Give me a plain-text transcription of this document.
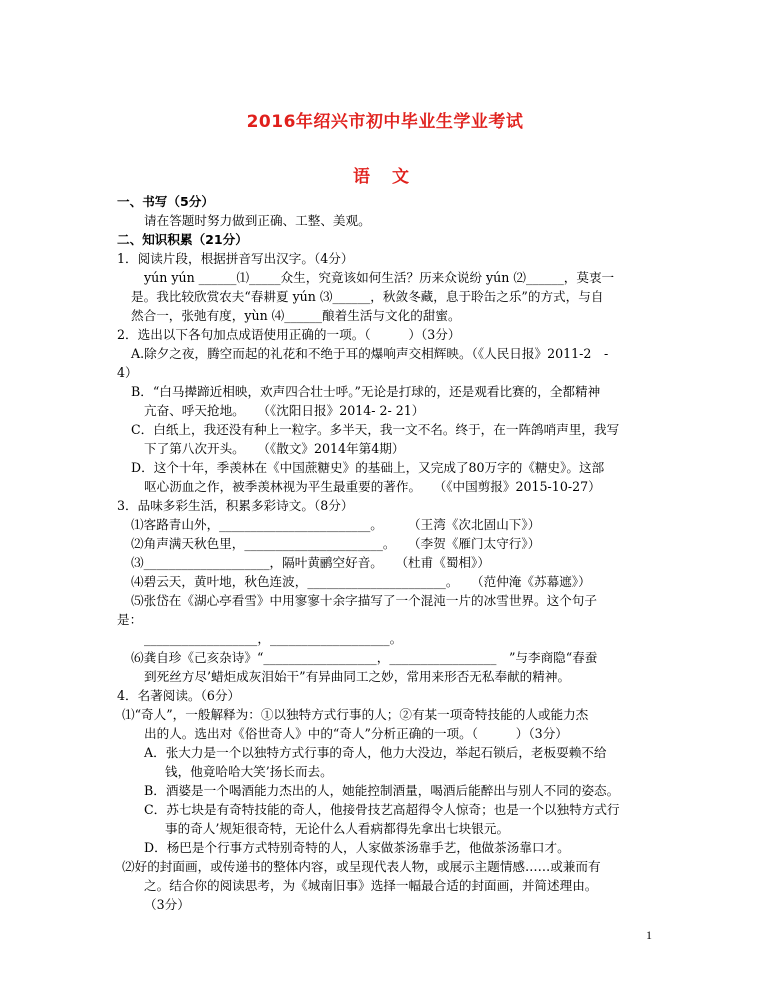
2016年绍兴市初中毕业生学业考试
语 文
一、书写（5分）
请在答题时努力做到正确、工整、美观。
二、知识积累（21分）
1．阅读片段，根据拼音写出汉字。（4分）
yún yún ______⑴_____众生，究竟该如何生活？历来众说纷 yún ⑵______，莫衷一
是。我比较欣赏农夫“春耕夏 yún ⑶______，秋敛冬藏，息于聆缶之乐”的方式，与自
然合一，张弛有度，yùn ⑷______酿着生活与文化的甜蜜。
2．选出以下各句加点成语使用正确的一项。（　　　）（3分）
A.除夕之夜，腾空而起的礼花和不绝于耳的爆响声交相辉映。（《人民日报》2011-2　-
4）
B．“白马撵蹄近相映，欢声四合壮士呼。”无论是打球的，还是观看比赛的，全都精神
亢奋、呼天抢地。　　（《沈阳日报》2014- 2- 21）
C．白纸上，我还没有种上一粒字。多半天，我一文不名。终于，在一阵鸽哨声里，我写
下了第八次开头。　　（《散文》2014年第4期）
D．这个十年，季羡林在《中国蔗糖史》的基础上，又完成了80万字的《糖史》。这部
呕心沥血之作，被季羡林视为平生最重要的著作。　　（《中国剪报》2015-10-27）
3．品味多彩生活，积累多彩诗文。（8分）
⑴客路青山外，________________________。　　　（王湾《次北固山下》）
⑵角声满天秋色里，______________________。　　（李贺《雁门太守行》）
⑶____________________，隔叶黄鹂空好音。　　（杜甫《蜀相》）
⑷碧云天，黄叶地，秋色连波，______________________。　　（范仲淹《苏幕遮》）
⑸张岱在《湖心亭看雪》中用寥寥十余字描写了一个混沌一片的冰雪世界。这个句子
是：
__________________，___________________。
⑹龚自珍《己亥杂诗》“__________________，_________________　”与李商隐“春蚕
到死丝方尽’蜡炬成灰泪始干”有异曲同工之妙，常用来形否无私奉献的精神。
4．名著阅读。（6分）
⑴“奇人”，一般解释为：①以独特方式行事的人；②有某一项奇特技能的人或能力杰
出的人。选出对《俗世奇人》中的“奇人”分析正确的一项。（　　　）（3分）
A．张大力是一个以独特方式行事的奇人，他力大没边，举起石锁后，老板耍赖不给
钱，他竟哈哈大笑’扬长而去。
B．酒婆是一个喝酒能力杰出的人，她能控制酒量，喝酒后能醉出与别人不同的姿态。
C．苏七块是有奇特技能的奇人，他接骨技艺高超得令人惊奇；也是一个以独特方式行
事的奇人’规矩很奇特，无论什么人看病都得先拿出七块银元。
D．杨巴是个行事方式特别奇特的人，人家做茶汤靠手艺，他做茶汤靠口才。
⑵好的封面画，或传递书的整体内容，或呈现代表人物，或展示主题情感……或兼而有
之。结合你的阅读思考，为《城南旧事》选择一幅最合适的封面画，并简述理由。
（3分）
1
